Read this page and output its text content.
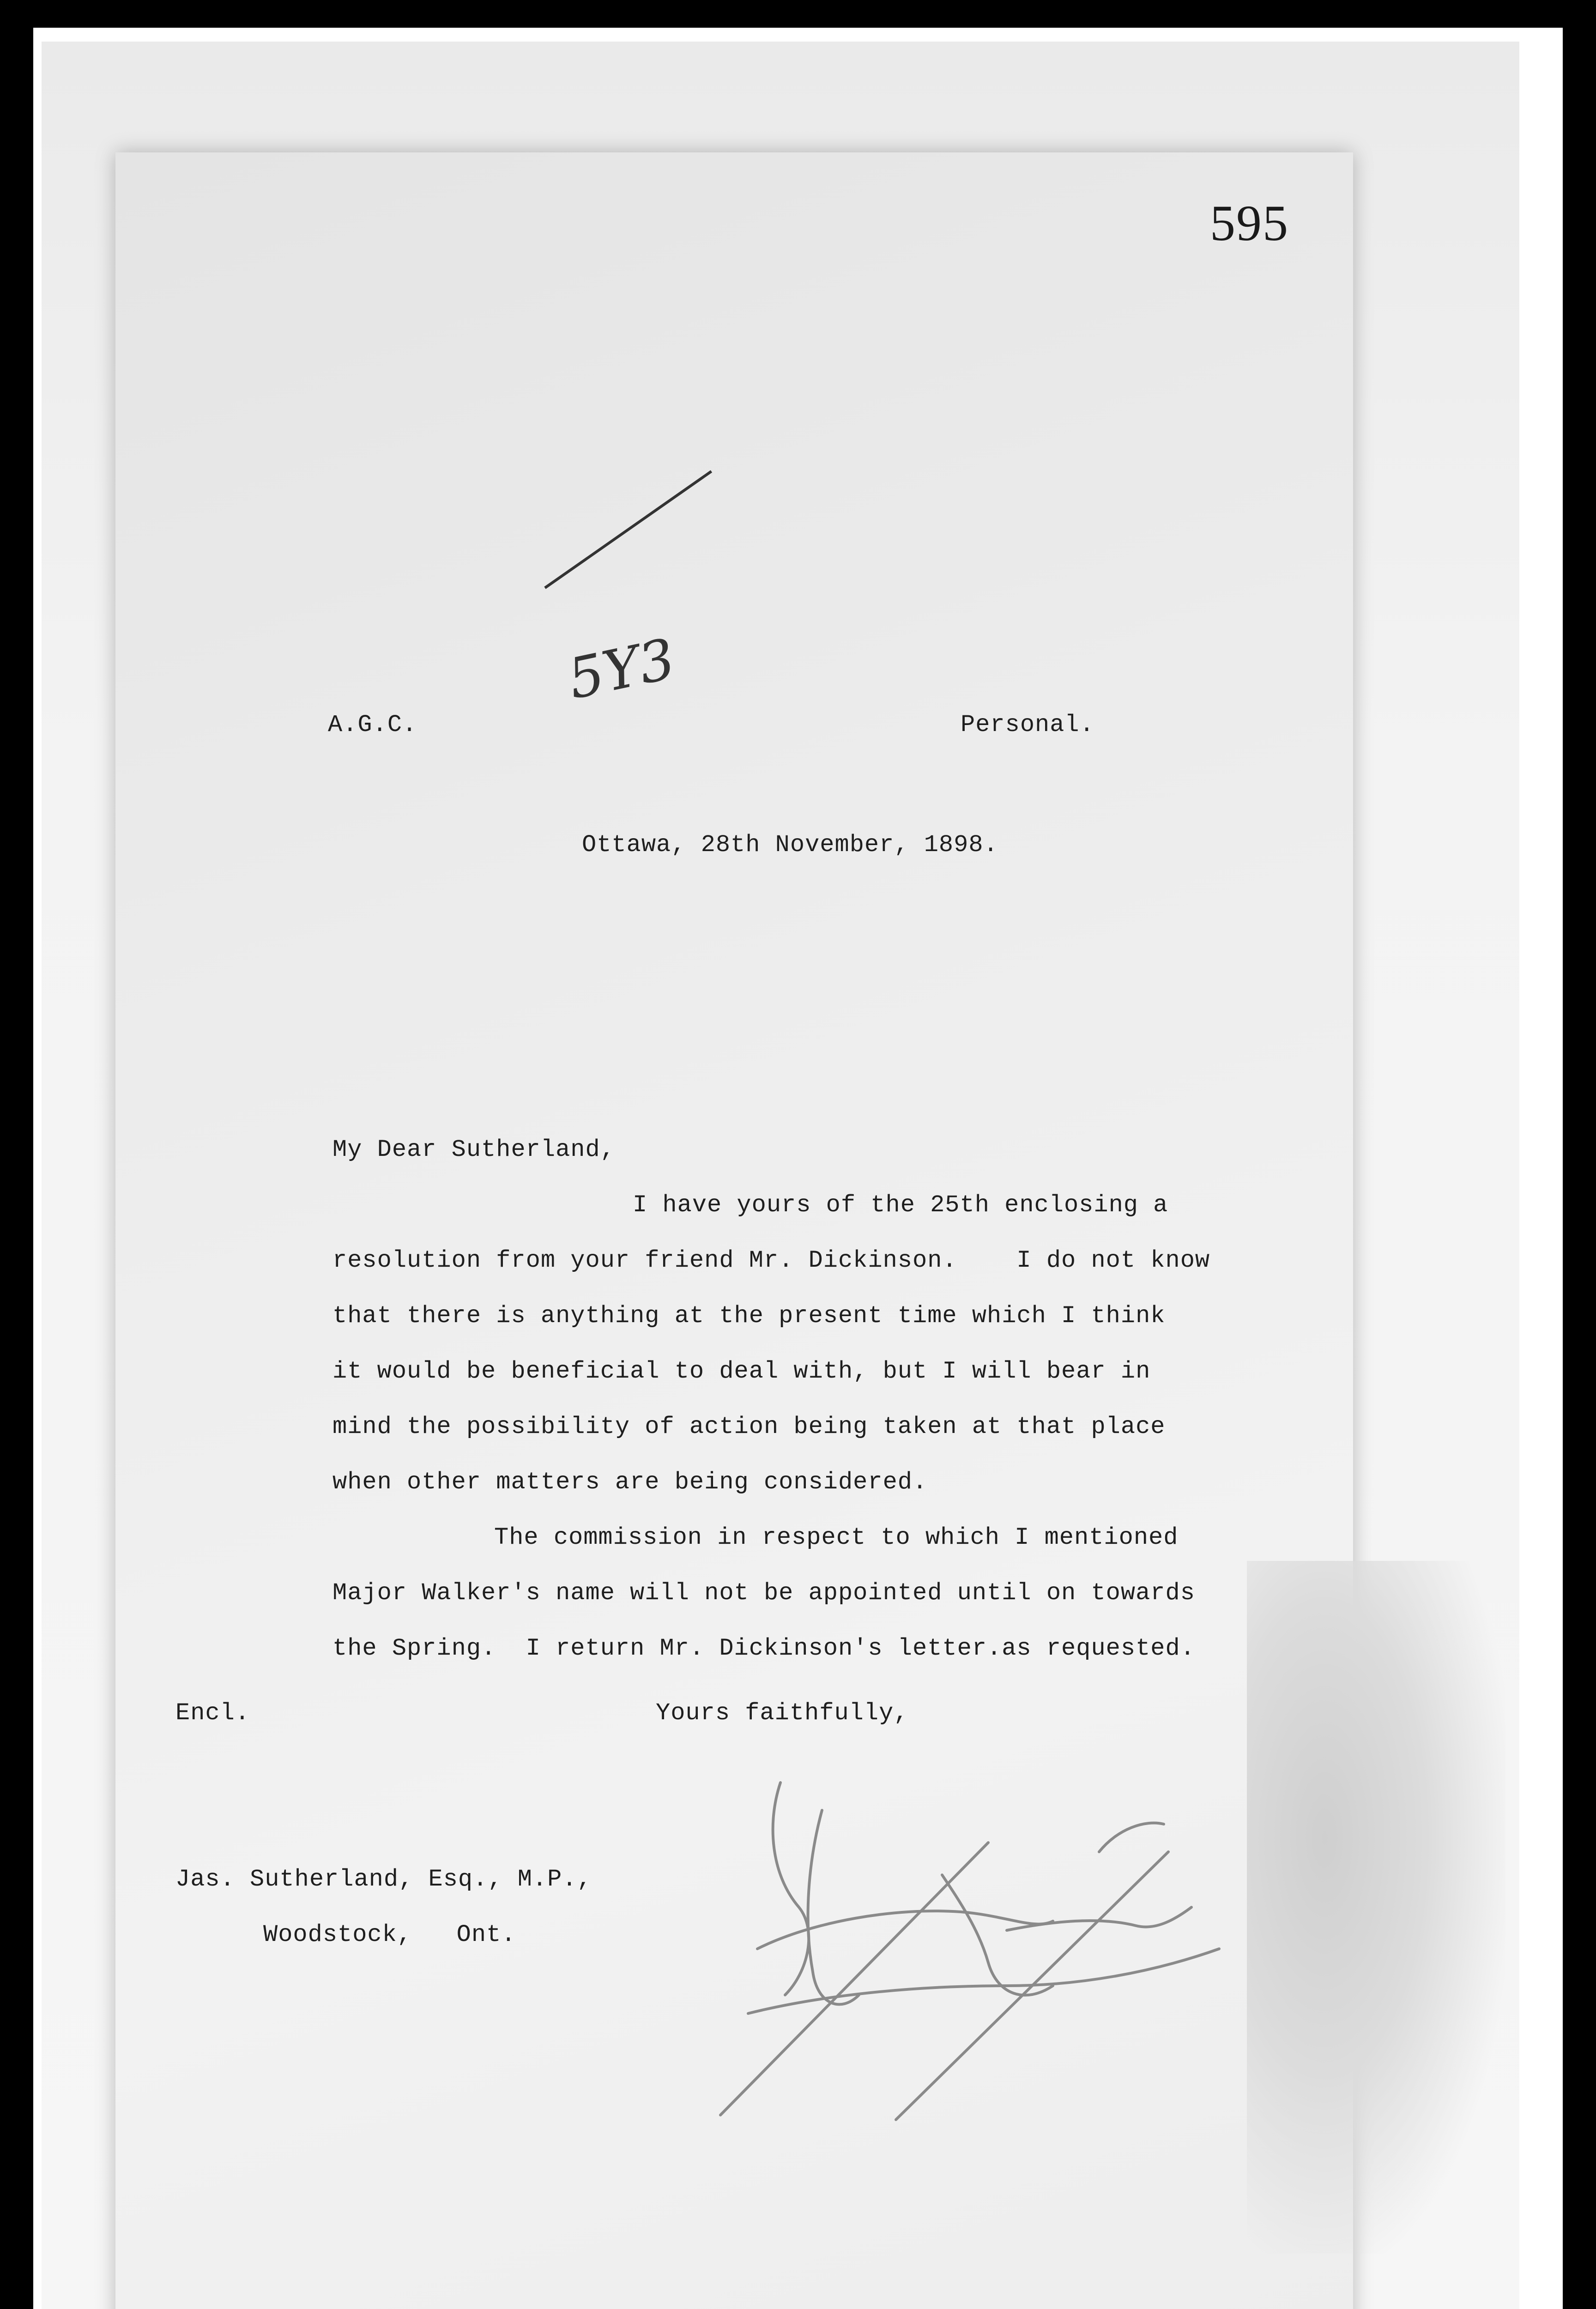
595
5Y3
A.G.C.	Personal.
Ottawa, 28th November, 1898.
My Dear Sutherland,
I have yours of the 25th enclosing a
resolution from your friend Mr. Dickinson.    I do not know
that there is anything at the present time which I think
it would be beneficial to deal with, but I will bear in
mind the possibility of action being taken at that place
when other matters are being considered.
The commission in respect to which I mentioned
Major Walker's name will not be appointed until on towards
the Spring.  I return Mr. Dickinson's letter.as requested.
Encl.	Yours faithfully,
Jas. Sutherland, Esq., M.P.,
Woodstock,   Ont.
